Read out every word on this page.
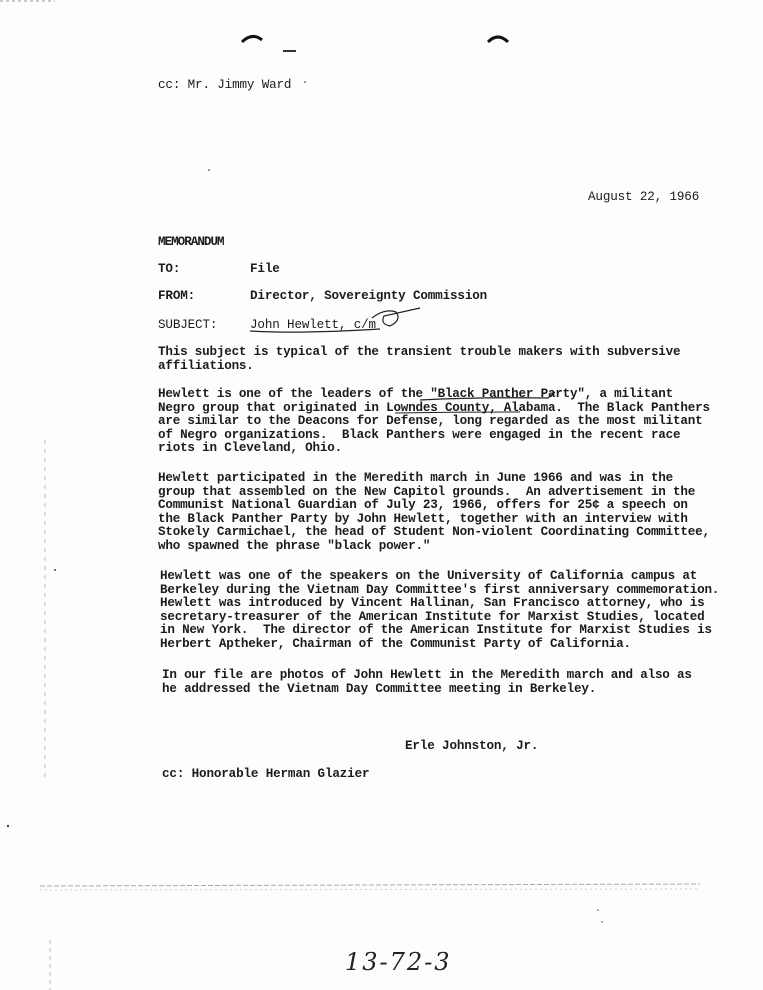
cc: Mr. Jimmy Ward
August 22, 1966
MEMORANDUM
TO:	File
FROM:	Director, Sovereignty Commission
SUBJECT:	John Hewlett, c/m
This subject is typical of the transient trouble makers with subversive
affiliations.
Hewlett is one of the leaders of the "Black Panther Party", a militant
Negro group that originated in Lowndes County, Alabama.  The Black Panthers
are similar to the Deacons for Defense, long regarded as the most militant
of Negro organizations.  Black Panthers were engaged in the recent race
riots in Cleveland, Ohio.
Hewlett participated in the Meredith march in June 1966 and was in the
group that assembled on the New Capitol grounds.  An advertisement in the
Communist National Guardian of July 23, 1966, offers for 25¢ a speech on
the Black Panther Party by John Hewlett, together with an interview with
Stokely Carmichael, the head of Student Non-violent Coordinating Committee,
who spawned the phrase "black power."
Hewlett was one of the speakers on the University of California campus at
Berkeley during the Vietnam Day Committee's first anniversary commemoration.
Hewlett was introduced by Vincent Hallinan, San Francisco attorney, who is
secretary-treasurer of the American Institute for Marxist Studies, located
in New York.  The director of the American Institute for Marxist Studies is
Herbert Aptheker, Chairman of the Communist Party of California.
In our file are photos of John Hewlett in the Meredith march and also as
he addressed the Vietnam Day Committee meeting in Berkeley.
Erle Johnston, Jr.
cc: Honorable Herman Glazier
13-72-3
